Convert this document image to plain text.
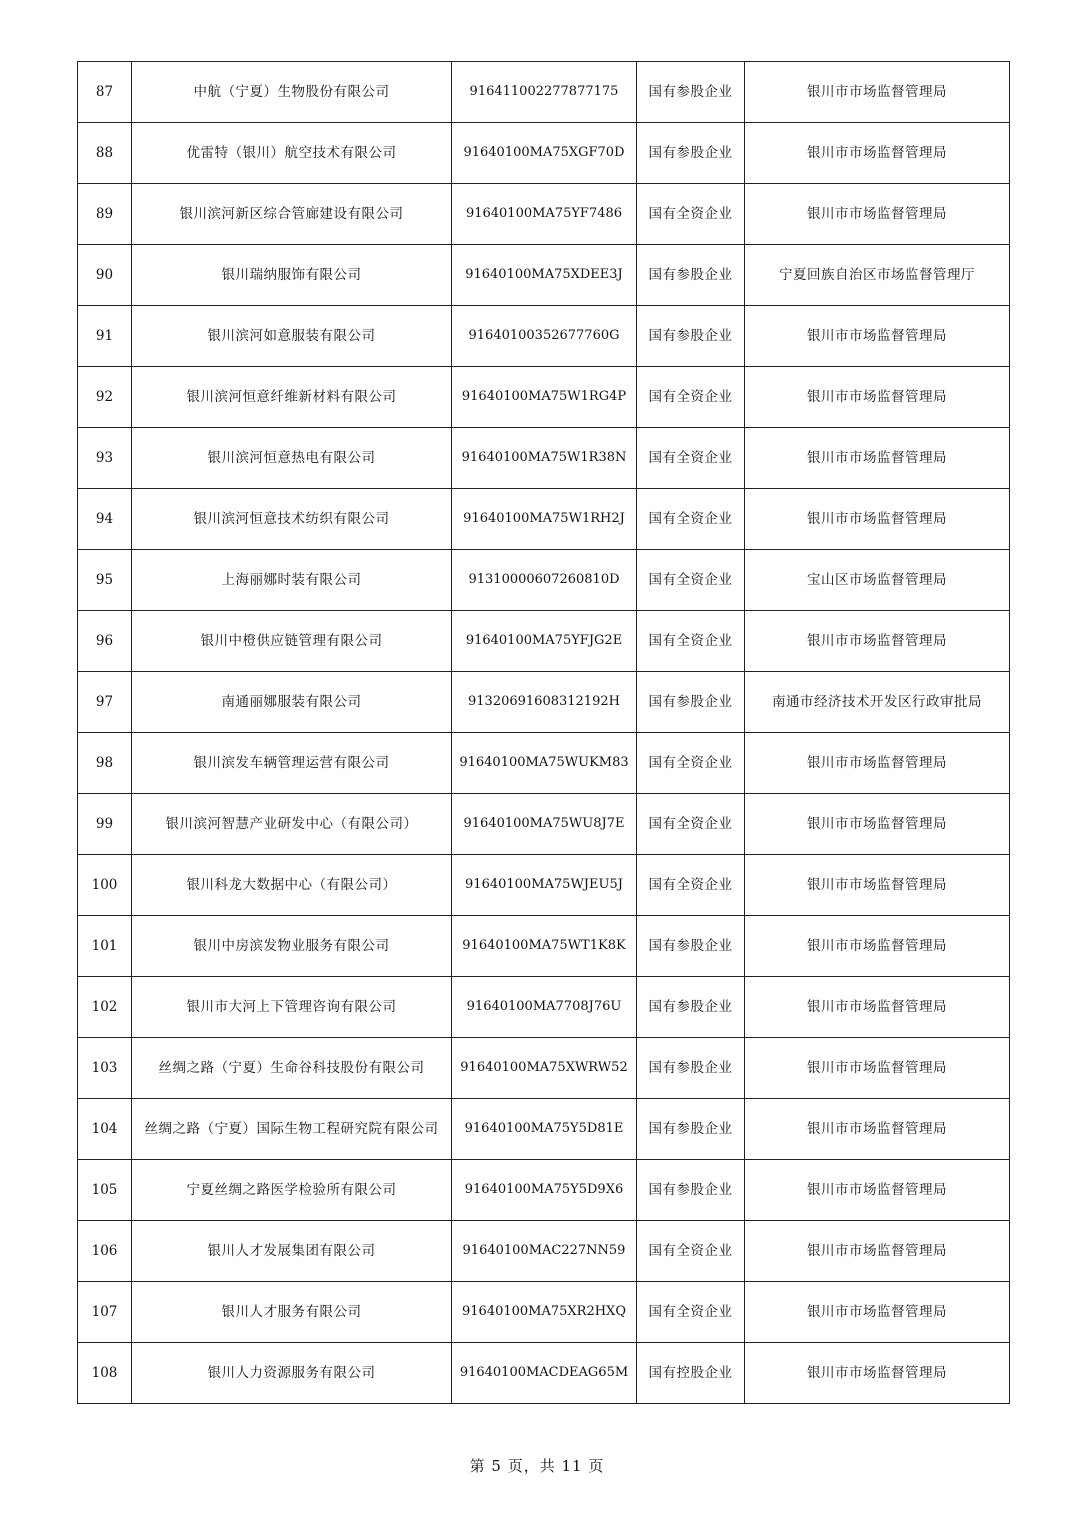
87	中航（宁夏）生物股份有限公司	916411002277877175	国有参股企业	银川市市场监督管理局
88	优雷特（银川）航空技术有限公司	91640100MA75XGF70D	国有参股企业	银川市市场监督管理局
89	银川滨河新区综合管廊建设有限公司	91640100MA75YF7486	国有全资企业	银川市市场监督管理局
90	银川瑞纳服饰有限公司	91640100MA75XDEE3J	国有参股企业	宁夏回族自治区市场监督管理厅
91	银川滨河如意服装有限公司	91640100352677760G	国有参股企业	银川市市场监督管理局
92	银川滨河恒意纤维新材料有限公司	91640100MA75W1RG4P	国有全资企业	银川市市场监督管理局
93	银川滨河恒意热电有限公司	91640100MA75W1R38N	国有全资企业	银川市市场监督管理局
94	银川滨河恒意技术纺织有限公司	91640100MA75W1RH2J	国有全资企业	银川市市场监督管理局
95	上海丽娜时装有限公司	91310000607260810D	国有全资企业	宝山区市场监督管理局
96	银川中橙供应链管理有限公司	91640100MA75YFJG2E	国有全资企业	银川市市场监督管理局
97	南通丽娜服装有限公司	91320691608312192H	国有参股企业	南通市经济技术开发区行政审批局
98	银川滨发车辆管理运营有限公司	91640100MA75WUKM83	国有全资企业	银川市市场监督管理局
99	银川滨河智慧产业研发中心（有限公司）	91640100MA75WU8J7E	国有全资企业	银川市市场监督管理局
100	银川科龙大数据中心（有限公司）	91640100MA75WJEU5J	国有全资企业	银川市市场监督管理局
101	银川中房滨发物业服务有限公司	91640100MA75WT1K8K	国有参股企业	银川市市场监督管理局
102	银川市大河上下管理咨询有限公司	91640100MA7708J76U	国有参股企业	银川市市场监督管理局
103	丝绸之路（宁夏）生命谷科技股份有限公司	91640100MA75XWRW52	国有参股企业	银川市市场监督管理局
104	丝绸之路（宁夏）国际生物工程研究院有限公司	91640100MA75Y5D81E	国有参股企业	银川市市场监督管理局
105	宁夏丝绸之路医学检验所有限公司	91640100MA75Y5D9X6	国有参股企业	银川市市场监督管理局
106	银川人才发展集团有限公司	91640100MAC227NN59	国有全资企业	银川市市场监督管理局
107	银川人才服务有限公司	91640100MA75XR2HXQ	国有全资企业	银川市市场监督管理局
108	银川人力资源服务有限公司	91640100MACDEAG65M	国有控股企业	银川市市场监督管理局
第 5 页，共 11 页
